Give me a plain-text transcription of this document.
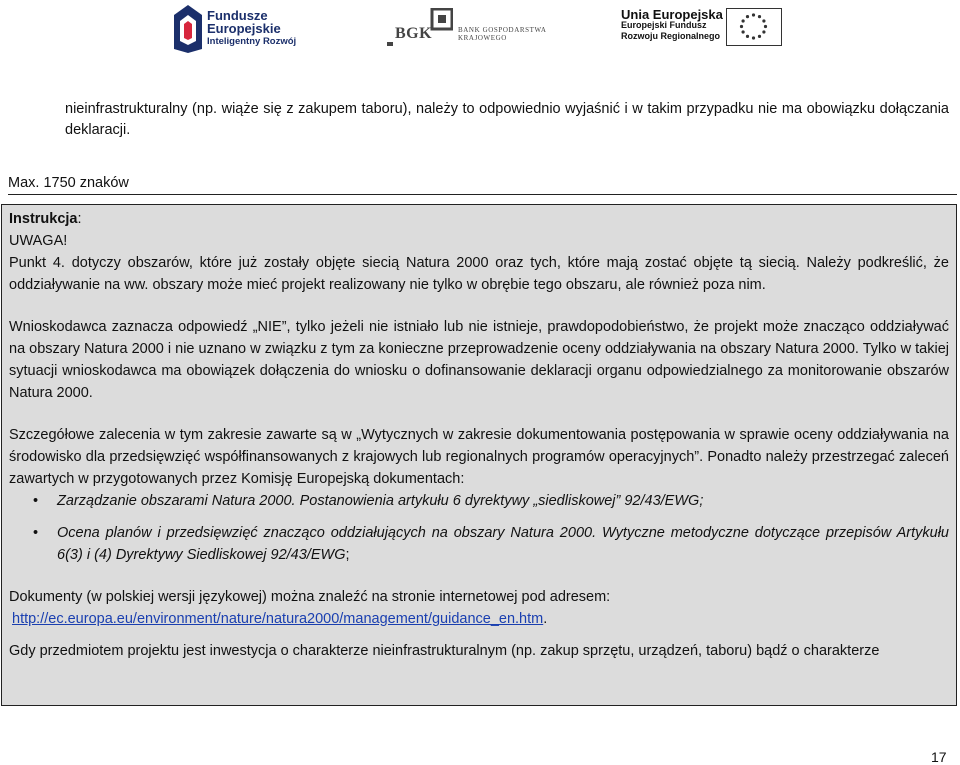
Fundusze
Europejskie
Inteligentny Rozwój	BGK	BANK GOSPODARSTWA
KRAJOWEGO
Unia Europejska
Europejski Fundusz
Rozwoju Regionalnego
nieinfrastrukturalny (np. wiąże się z zakupem taboru), należy to odpowiednio wyjaśnić i w takim przypadku nie ma obowiązku dołączania deklaracji.
Max. 1750 znaków

Instrukcja:

UWAGA!

Punkt 4. dotyczy obszarów, które już zostały objęte siecią Natura 2000 oraz tych, które mają zostać objęte tą siecią. Należy podkreślić, że oddziaływanie na ww. obszary może mieć projekt realizowany nie tylko w obrębie tego obszaru, ale również poza nim.

Wnioskodawca zaznacza odpowiedź „NIE”, tylko jeżeli nie istniało lub nie istnieje, prawdopodobieństwo, że projekt może znacząco oddziaływać na obszary Natura 2000 i nie uznano w związku z tym za konieczne przeprowadzenie oceny oddziaływania na obszary Natura 2000. Tylko w takiej sytuacji wnioskodawca ma obowiązek dołączenia do wniosku o dofinansowanie deklaracji organu odpowiedzialnego za monitorowanie obszarów Natura 2000.

Szczegółowe zalecenia w tym zakresie zawarte są w „Wytycznych w zakresie dokumentowania postępowania w sprawie oceny oddziaływania na środowisko dla przedsięwzięć współfinansowanych z krajowych lub regionalnych programów operacyjnych”. Ponadto należy przestrzegać zaleceń zawartych w przygotowanych przez Komisję Europejską dokumentach:

• Zarządzanie obszarami Natura 2000. Postanowienia artykułu 6 dyrektywy „siedliskowej” 92/43/EWG;

• Ocena planów i przedsięwzięć znacząco oddziałujących na obszary Natura 2000. Wytyczne metodyczne dotyczące przepisów Artykułu 6(3) i (4) Dyrektywy Siedliskowej 92/43/EWG;

Dokumenty (w polskiej wersji językowej) można znaleźć na stronie internetowej pod adresem:

http://ec.europa.eu/environment/nature/natura2000/management/guidance_en.htm.

Gdy przedmiotem projektu jest inwestycja o charakterze nieinfrastrukturalnym (np. zakup sprzętu, urządzeń, taboru) bądź o charakterze

17
